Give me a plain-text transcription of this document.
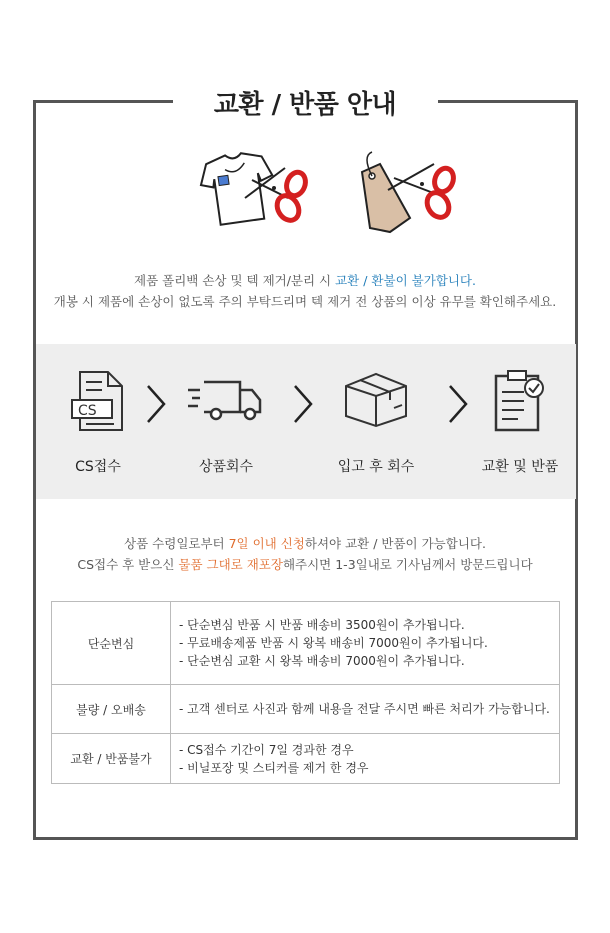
교환 / 반품 안내
제품 폴리백 손상 및 텍 제거/분리 시 교환 / 환불이 불가합니다.
개봉 시 제품에 손상이 없도록 주의 부탁드리며 텍 제거 전 상품의 이상 유무를 확인해주세요.
CS
CS접수	상품회수	입고 후 회수	교환 및 반품
상품 수령일로부터 7일 이내 신청하셔야 교환 / 반품이 가능합니다.
CS접수 후 받으신 물품 그대로 재포장해주시면 1-3일내로 기사님께서 방문드립니다
단순변심	- 단순변심 반품 시 반품 배송비 3500원이 추가됩니다.
- 무료배송제품 반품 시 왕복 배송비 7000원이 추가됩니다.
- 단순변심 교환 시 왕복 배송비 7000원이 추가됩니다.

불량 / 오배송	- 고객 센터로 사진과 함께 내용을 전달 주시면 빠른 처리가 가능합니다.

교환 / 반품불가	- CS접수 기간이 7일 경과한 경우
- 비닐포장 및 스티커를 제거 한 경우
